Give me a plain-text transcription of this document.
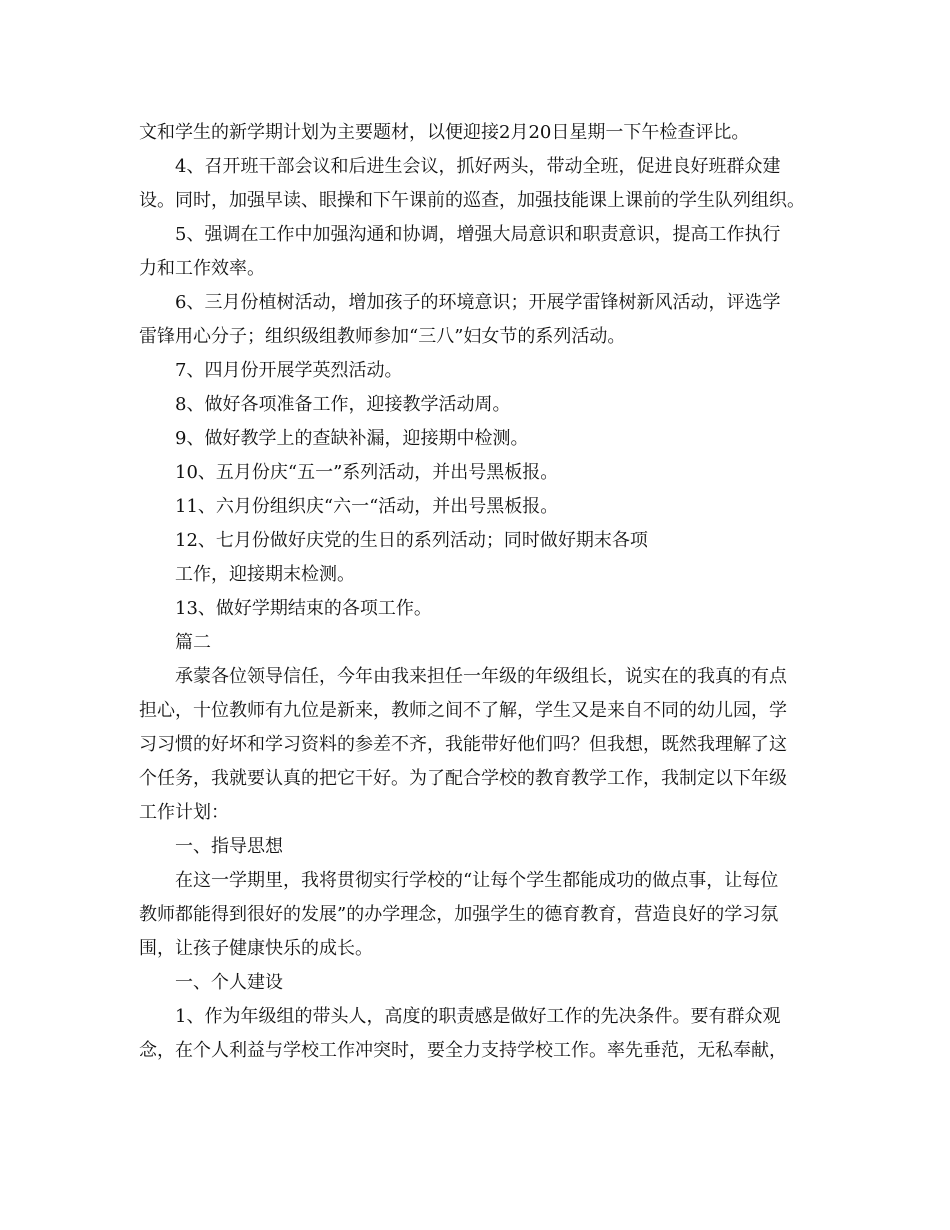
文和学生的新学期计划为主要题材，以便迎接2月20日星期一下午检查评比。
4、召开班干部会议和后进生会议，抓好两头，带动全班，促进良好班群众建
设。同时，加强早读、眼操和下午课前的巡查，加强技能课上课前的学生队列组织。
5、强调在工作中加强沟通和协调，增强大局意识和职责意识，提高工作执行
力和工作效率。
6、三月份植树活动，增加孩子的环境意识；开展学雷锋树新风活动，评选学
雷锋用心分子；组织级组教师参加“三八”妇女节的系列活动。
7、四月份开展学英烈活动。
8、做好各项准备工作，迎接教学活动周。
9、做好教学上的查缺补漏，迎接期中检测。
10、五月份庆“五一”系列活动，并出号黑板报。
11、六月份组织庆“六一“活动，并出号黑板报。
12、七月份做好庆党的生日的系列活动；同时做好期末各项
工作，迎接期末检测。
13、做好学期结束的各项工作。
篇二
承蒙各位领导信任，今年由我来担任一年级的年级组长，说实在的我真的有点
担心，十位教师有九位是新来，教师之间不了解，学生又是来自不同的幼儿园，学
习习惯的好坏和学习资料的参差不齐，我能带好他们吗？但我想，既然我理解了这
个任务，我就要认真的把它干好。为了配合学校的教育教学工作，我制定以下年级
工作计划：
一、指导思想
在这一学期里，我将贯彻实行学校的“让每个学生都能成功的做点事，让每位
教师都能得到很好的发展”的办学理念，加强学生的德育教育，营造良好的学习氛
围，让孩子健康快乐的成长。
一、个人建设
1、作为年级组的带头人，高度的职责感是做好工作的先决条件。要有群众观
念，在个人利益与学校工作冲突时，要全力支持学校工作。率先垂范，无私奉献，
